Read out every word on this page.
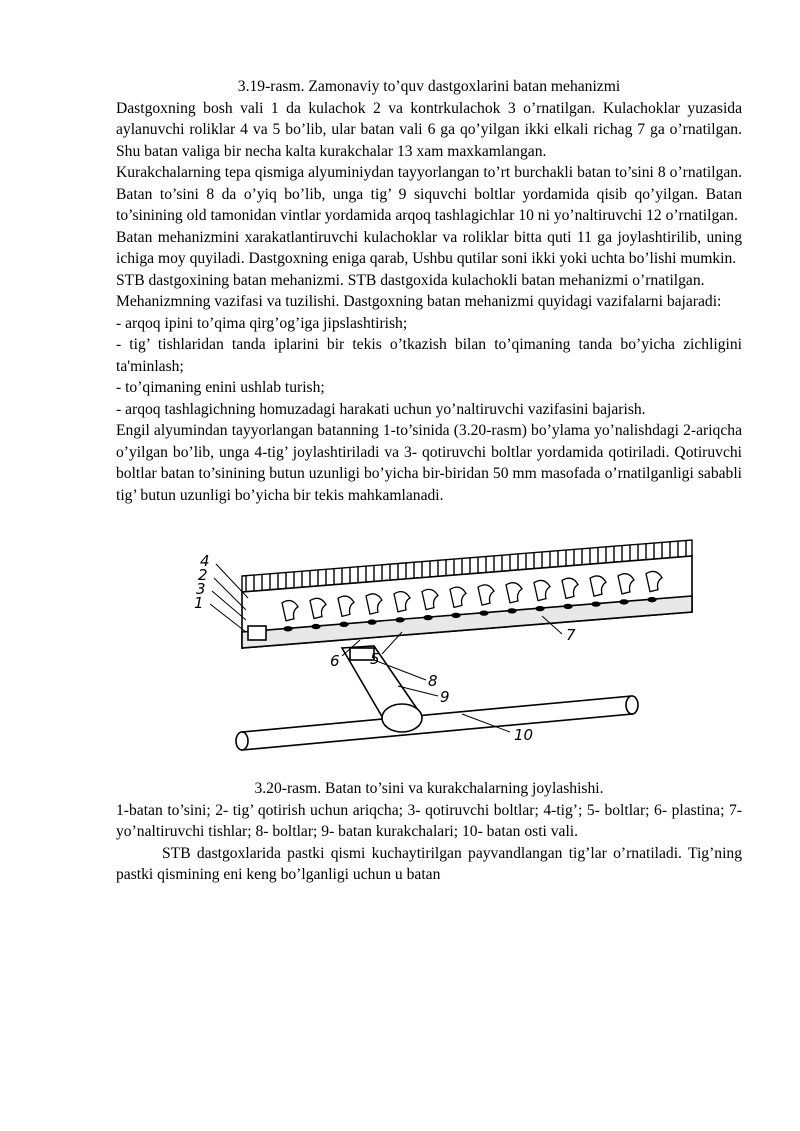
3.19-rasm. Zamonaviy to’quv dastgoxlarini batan mehanizmi

Dastgoxning bosh vali 1 da kulachok 2 va kontrkulachok 3 o’rnatilgan. Kulachoklar yuzasida aylanuvchi roliklar 4 va 5 bo’lib, ular batan vali 6 ga qo’yilgan ikki elkali richag 7 ga o’rnatilgan. Shu batan valiga bir necha kalta kurakchalar 13 xam maxkamlangan.

Kurakchalarning tepa qismiga alyuminiydan tayyorlangan to’rt burchakli batan to’sini 8 o’rnatilgan. Batan to’sini 8 da o’yiq bo’lib, unga tig’ 9 siquvchi boltlar yordamida qisib qo’yilgan. Batan to’sinining old tamonidan vintlar yordamida arqoq tashlagichlar 10 ni yo’naltiruvchi 12 o’rnatilgan.

Batan mehanizmini xarakatlantiruvchi kulachoklar va roliklar bitta quti 11 ga joylashtirilib, uning ichiga moy quyiladi. Dastgoxning eniga qarab, Ushbu qutilar soni ikki yoki uchta bo’lishi mumkin.

STB dastgoxining batan mehanizmi. STB dastgoxida kulachokli batan mehanizmi o’rnatilgan.

Mehanizmning vazifasi va tuzilishi. Dastgoxning batan mehanizmi quyidagi vazifalarni bajaradi:

- arqoq ipini to’qima qirg’og’iga jipslashtirish;

- tig’ tishlaridan tanda iplarini bir tekis o’tkazish bilan to’qimaning tanda bo’yicha zichligini ta'minlash;

- to’qimaning enini ushlab turish;

- arqoq tashlagichning homuzadagi harakati uchun yo’naltiruvchi vazifasini bajarish.

Engil alyumindan tayyorlangan batanning 1-to’sinida (3.20-rasm) bo’ylama yo’nalishdagi 2-ariqcha o’yilgan bo’lib, unga 4-tig’ joylashtiriladi va 3- qotiruvchi boltlar yordamida qotiriladi. Qotiruvchi boltlar batan to’sinining butun uzunligi bo’yicha bir-biridan 50 mm masofada o’rnatilganligi sababli tig’ butun uzunligi bo’yicha bir tekis mahkamlanadi.

4
2
3
1
6 5
7
8
9
10

3.20-rasm. Batan to’sini va kurakchalarning joylashishi.

1-batan to’sini; 2- tig’ qotirish uchun ariqcha; 3- qotiruvchi boltlar; 4-tig’; 5- boltlar; 6- plastina; 7- yo’naltiruvchi tishlar; 8- boltlar; 9- batan kurakchalari; 10- batan osti vali.

STB dastgoxlarida pastki qismi kuchaytirilgan payvandlangan tig’lar o’rnatiladi. Tig’ning pastki qismining eni keng bo’lganligi uchun u batan
